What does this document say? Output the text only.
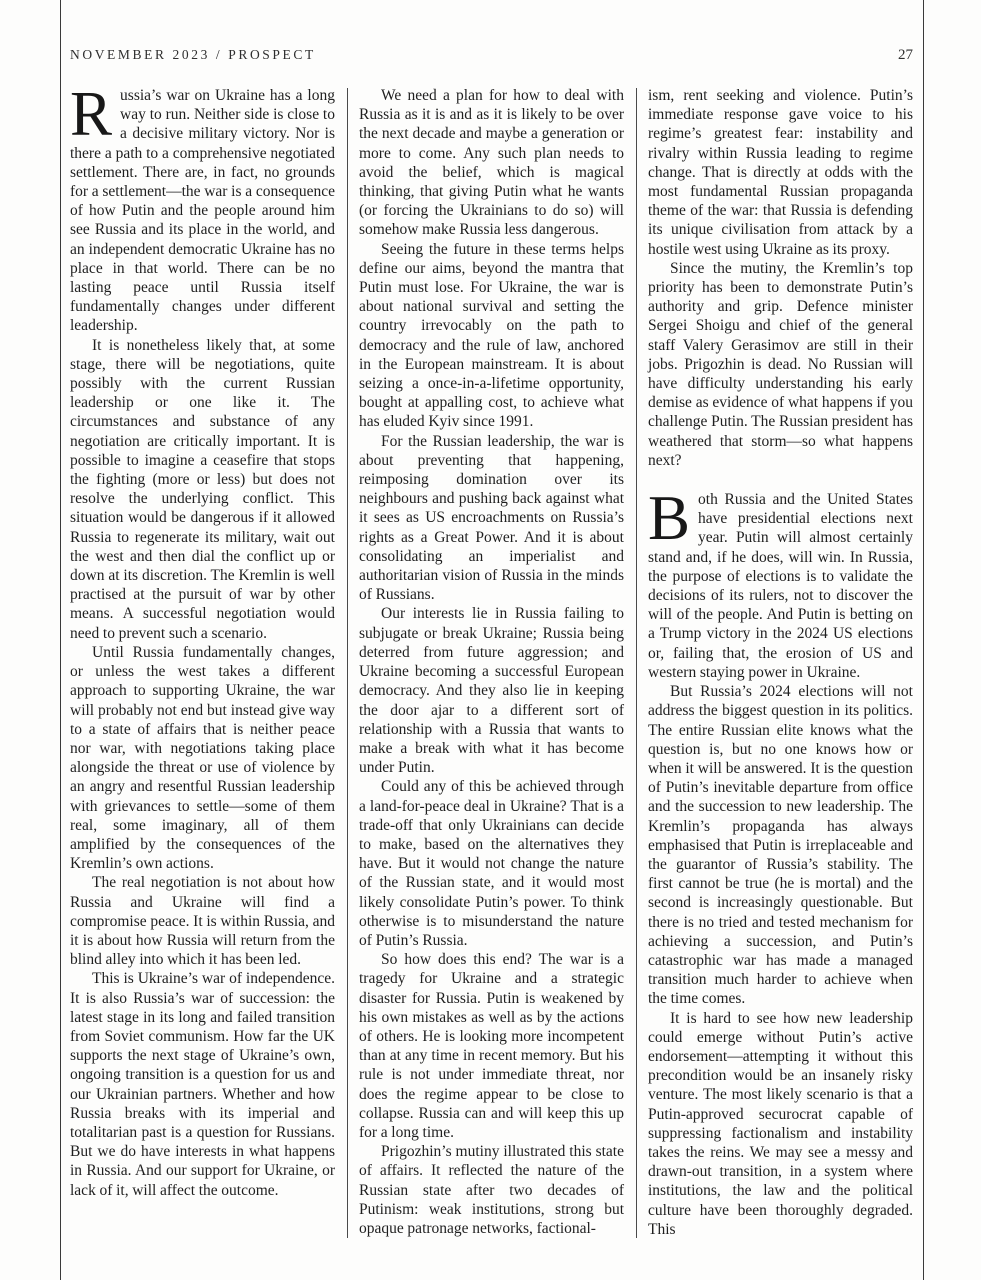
NOVEMBER 2023 / PROSPECT	27

Russia’s war on Ukraine has a long way to run. Neither side is close to a decisive military victory. Nor is there a path to a comprehensive negotiated settlement. There are, in fact, no grounds for a settlement—the war is a consequence of how Putin and the people around him see Russia and its place in the world, and an independent democratic Ukraine has no place in that world. There can be no lasting peace until Russia itself fundamentally changes under different leadership.

It is nonetheless likely that, at some stage, there will be negotiations, quite possibly with the current Russian leadership or one like it. The circumstances and substance of any negotiation are critically important. It is possible to imagine a ceasefire that stops the fighting (more or less) but does not resolve the underlying conflict. This situation would be dangerous if it allowed Russia to regenerate its military, wait out the west and then dial the conflict up or down at its discretion. The Kremlin is well practised at the pursuit of war by other means. A successful negotiation would need to prevent such a scenario.

Until Russia fundamentally changes, or unless the west takes a different approach to supporting Ukraine, the war will probably not end but instead give way to a state of affairs that is neither peace nor war, with negotiations taking place alongside the threat or use of violence by an angry and resentful Russian leadership with grievances to settle—some of them real, some imaginary, all of them amplified by the consequences of the Kremlin’s own actions.

The real negotiation is not about how Russia and Ukraine will find a compromise peace. It is within Russia, and it is about how Russia will return from the blind alley into which it has been led.

This is Ukraine’s war of independence. It is also Russia’s war of succession: the latest stage in its long and failed transition from Soviet communism. How far the UK supports the next stage of Ukraine’s own, ongoing transition is a question for us and our Ukrainian partners. Whether and how Russia breaks with its imperial and totalitarian past is a question for Russians. But we do have interests in what happens in Russia. And our support for Ukraine, or lack of it, will affect the outcome.

We need a plan for how to deal with Russia as it is and as it is likely to be over the next decade and maybe a generation or more to come. Any such plan needs to avoid the belief, which is magical thinking, that giving Putin what he wants (or forcing the Ukrainians to do so) will somehow make Russia less dangerous.

Seeing the future in these terms helps define our aims, beyond the mantra that Putin must lose. For Ukraine, the war is about national survival and setting the country irrevocably on the path to democracy and the rule of law, anchored in the European mainstream. It is about seizing a once-in-a-lifetime opportunity, bought at appalling cost, to achieve what has eluded Kyiv since 1991.

For the Russian leadership, the war is about preventing that happening, reimposing domination over its neighbours and pushing back against what it sees as US encroachments on Russia’s rights as a Great Power. And it is about consolidating an imperialist and authoritarian vision of Russia in the minds of Russians.

Our interests lie in Russia failing to subjugate or break Ukraine; Russia being deterred from future aggression; and Ukraine becoming a successful European democracy. And they also lie in keeping the door ajar to a different sort of relationship with a Russia that wants to make a break with what it has become under Putin.

Could any of this be achieved through a land-for-peace deal in Ukraine? That is a trade-off that only Ukrainians can decide to make, based on the alternatives they have. But it would not change the nature of the Russian state, and it would most likely consolidate Putin’s power. To think otherwise is to misunderstand the nature of Putin’s Russia.

So how does this end? The war is a tragedy for Ukraine and a strategic disaster for Russia. Putin is weakened by his own mistakes as well as by the actions of others. He is looking more incompetent than at any time in recent memory. But his rule is not under immediate threat, nor does the regime appear to be close to collapse. Russia can and will keep this up for a long time.

Prigozhin’s mutiny illustrated this state of affairs. It reflected the nature of the Russian state after two decades of Putinism: weak institutions, strong but opaque patronage networks, factional-

ism, rent seeking and violence. Putin’s immediate response gave voice to his regime’s greatest fear: instability and rivalry within Russia leading to regime change. That is directly at odds with the most fundamental Russian propaganda theme of the war: that Russia is defending its unique civilisation from attack by a hostile west using Ukraine as its proxy.

Since the mutiny, the Kremlin’s top priority has been to demonstrate Putin’s authority and grip. Defence minister Sergei Shoigu and chief of the general staff Valery Gerasimov are still in their jobs. Prigozhin is dead. No Russian will have difficulty understanding his early demise as evidence of what happens if you challenge Putin. The Russian president has weathered that storm—so what happens next?

Both Russia and the United States have presidential elections next year. Putin will almost certainly stand and, if he does, will win. In Russia, the purpose of elections is to validate the decisions of its rulers, not to discover the will of the people. And Putin is betting on a Trump victory in the 2024 US elections or, failing that, the erosion of US and western staying power in Ukraine.

But Russia’s 2024 elections will not address the biggest question in its politics. The entire Russian elite knows what the question is, but no one knows how or when it will be answered. It is the question of Putin’s inevitable departure from office and the succession to new leadership. The Kremlin’s propaganda has always emphasised that Putin is irreplaceable and the guarantor of Russia’s stability. The first cannot be true (he is mortal) and the second is increasingly questionable. But there is no tried and tested mechanism for achieving a succession, and Putin’s catastrophic war has made a managed transition much harder to achieve when the time comes.

It is hard to see how new leadership could emerge without Putin’s active endorsement—attempting it without this precondition would be an insanely risky venture. The most likely scenario is that a Putin-approved securocrat capable of suppressing factionalism and instability takes the reins. We may see a messy and drawn-out transition, in a system where institutions, the law and the political culture have been thoroughly degraded. This
